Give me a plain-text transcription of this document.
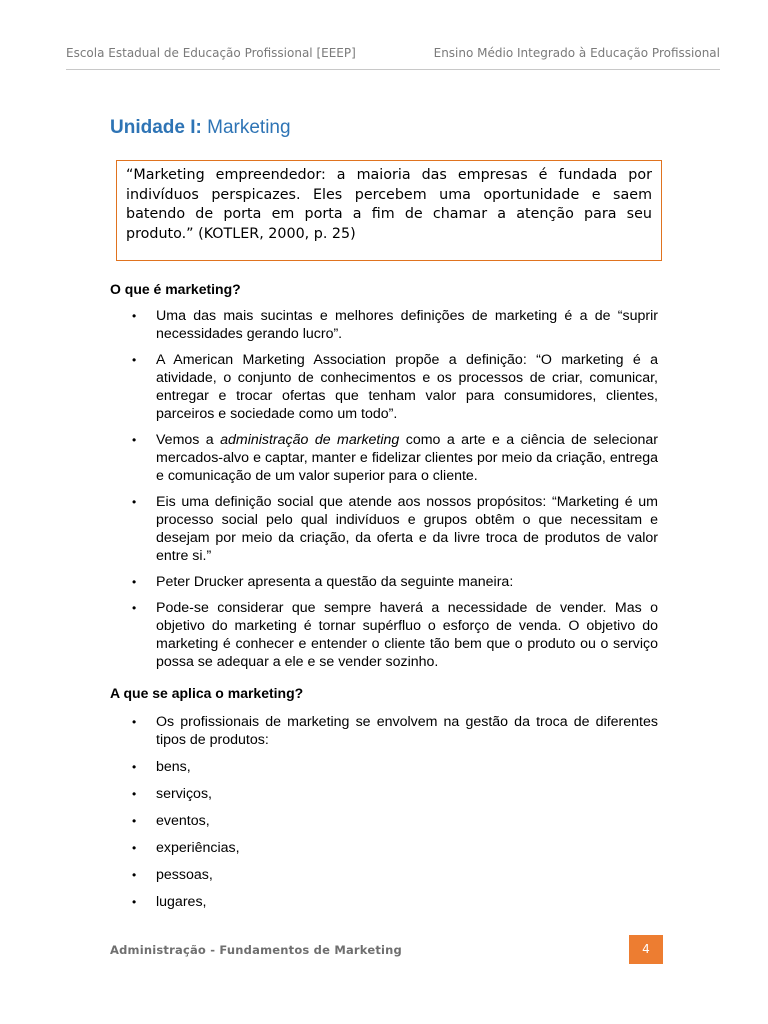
Escola Estadual de Educação Profissional [EEEP]	Ensino Médio Integrado à Educação Profissional
Unidade I: Marketing
“Marketing empreendedor: a maioria das empresas é fundada por indivíduos perspicazes. Eles percebem uma oportunidade e saem batendo de porta em porta a fim de chamar a atenção para seu produto.” (KOTLER, 2000, p. 25)
O que é marketing?
• Uma das mais sucintas e melhores definições de marketing é a de “suprir necessidades gerando lucro”.
• A American Marketing Association propõe a definição: “O marketing é a atividade, o conjunto de conhecimentos e os processos de criar, comunicar, entregar e trocar ofertas que tenham valor para consumidores, clientes, parceiros e sociedade como um todo”.
• Vemos a administração de marketing como a arte e a ciência de selecionar mercados-alvo e captar, manter e fidelizar clientes por meio da criação, entrega e comunicação de um valor superior para o cliente.
• Eis uma definição social que atende aos nossos propósitos: “Marketing é um processo social pelo qual indivíduos e grupos obtêm o que necessitam e desejam por meio da criação, da oferta e da livre troca de produtos de valor entre si.”
• Peter Drucker apresenta a questão da seguinte maneira:
• Pode-se considerar que sempre haverá a necessidade de vender. Mas o objetivo do marketing é tornar supérfluo o esforço de venda. O objetivo do marketing é conhecer e entender o cliente tão bem que o produto ou o serviço possa se adequar a ele e se vender sozinho.
A que se aplica o marketing?
• Os profissionais de marketing se envolvem na gestão da troca de diferentes tipos de produtos:
• bens,
• serviços,
• eventos,
• experiências,
• pessoas,
• lugares,
Administração - Fundamentos de Marketing	4
